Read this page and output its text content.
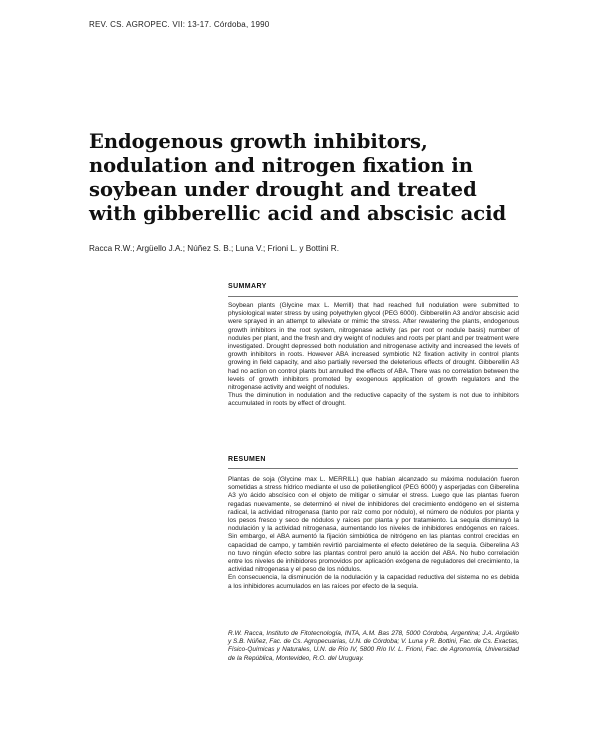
REV. CS. AGROPEC. VII: 13-17. Córdoba, 1990
Endogenous growth inhibitors, nodulation and nitrogen fixation in soybean under drought and treated with gibberellic acid and abscisic acid
Racca R.W.; Argüello J.A.; Núñez S. B.; Luna V.; Frioni L. y Bottini R.
SUMMARY

Soybean plants (Glycine max L. Merrill) that had reached full nodulation were submitted to physiological water stress by using polyethylen glycol (PEG 6000). Gibberellin A3 and/or abscisic acid were sprayed in an attempt to alleviate or mimic the stress. After rewatering the plants, endogenous growth inhibitors in the root system, nitrogenase activity (as per root or nodule basis) number of nodules per plant, and the fresh and dry weight of nodules and roots per plant and per treatment were investigated. Drought depressed both nodulation and nitrogenase activity and increased the levels of growth inhibitors in roots. However ABA increased symbiotic N2 fixation activity in control plants growing in field capacity, and also partially reversed the deleterious effects of drought. Gibberellin A3 had no action on control plants but annulled the effects of ABA. There was no correlation between the levels of growth inhibitors promoted by exogenous application of growth regulators and the nitrogenase activity and weight of nodules.

Thus the diminution in nodulation and the reductive capacity of the system is not due to inhibitors accumulated in roots by effect of drought.

RESUMEN

Plantas de soja (Glycine max L. MERRILL) que habían alcanzado su máxima nodulación fueron sometidas a stress hídrico mediante el uso de polietilenglicol (PEG 6000) y asperjadas con Giberelina A3 y/o ácido abscísico con el objeto de mitigar o simular el stress. Luego que las plantas fueron regadas nuevamente, se determinó el nivel de inhibidores del crecimiento endógeno en el sistema radical, la actividad nitrogenasa (tanto por raíz como por nódulo), el número de nódulos por planta y los pesos fresco y seco de nódulos y raíces por planta y por tratamiento. La sequía disminuyó la nodulación y la actividad nitrogenasa, aumentando los niveles de inhibidores endógenos en raíces. Sin embargo, el ABA aumentó la fijación simbiótica de nitrógeno en las plantas control crecidas en capacidad de campo, y también revirtió parcialmente el efecto deletéreo de la sequía. Giberelina A3 no tuvo ningún efecto sobre las plantas control pero anuló la acción del ABA. No hubo correlación entre los niveles de inhibidores promovidos por aplicación exógena de reguladores del crecimiento, la actividad nitrogenasa y el peso de los nódulos.

En consecuencia, la disminución de la nodulación y la capacidad reductiva del sistema no es debida a los inhibidores acumulados en las raíces por efecto de la sequía.

R.W. Racca, Instituto de Fitotecnología, INTA, A.M. Bas 278, 5000 Córdoba, Argentina; J.A. Argüello y S.B. Núñez, Fac. de Cs. Agropecuarias, U.N. de Córdoba; V. Luna y R. Bottini, Fac. de Cs. Exactas, Físico-Químicas y Naturales, U.N. de Río IV, 5800 Río IV. L. Frioni, Fac. de Agronomía, Universidad de la República, Montevideo, R.O. del Uruguay.
